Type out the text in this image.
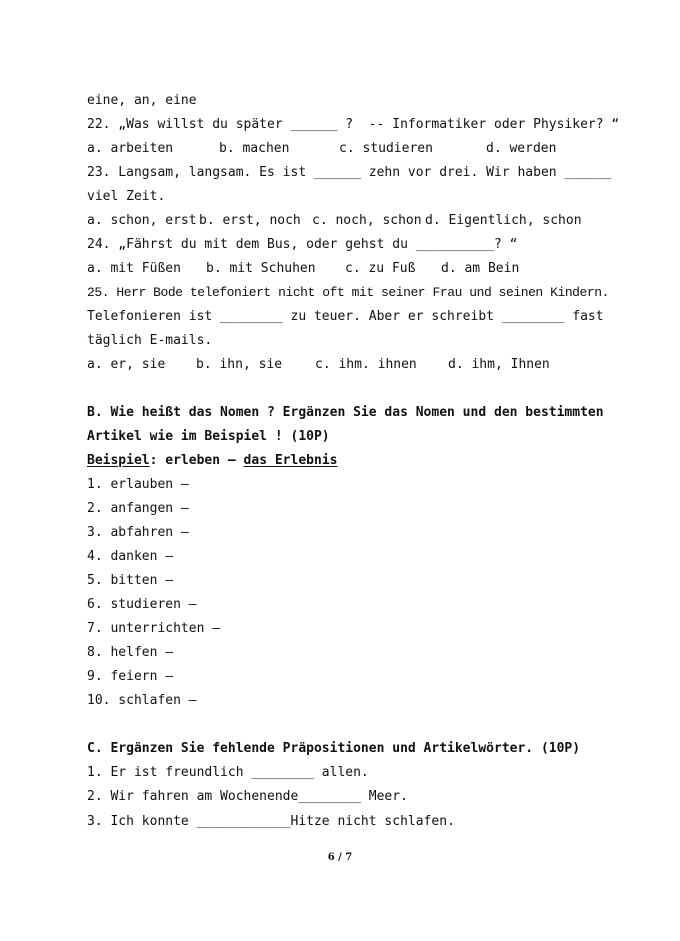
eine, an, eine
22. „Was willst du später ______ ?  -- Informatiker oder Physiker? “
a. arbeiten	b. machen	c. studieren	d. werden
23. Langsam, langsam. Es ist ______ zehn vor drei. Wir haben ______
viel Zeit.
a. schon, erst b. erst, noch c. noch, schon d. Eigentlich, schon
24. „Fährst du mit dem Bus, oder gehst du __________? “
a. mit Füßen b. mit Schuhen c. zu Fuß d. am Bein
25. Herr Bode telefoniert nicht oft mit seiner Frau und seinen Kindern.
Telefonieren ist ________ zu teuer. Aber er schreibt ________ fast
täglich E-mails.
a. er, sie b. ihn, sie	c. ihm. ihnen d. ihm, Ihnen
B. Wie heißt das Nomen ? Ergänzen Sie das Nomen und den bestimmten
Artikel wie im Beispiel ! (10P)
Beispiel: erleben — das Erlebnis
1. erlauben —
2. anfangen —
3. abfahren —
4. danken —
5. bitten —
6. studieren —
7. unterrichten —
8. helfen —
9. feiern —
10. schlafen —
C. Ergänzen Sie fehlende Präpositionen und Artikelwörter. (10P)
1. Er ist freundlich ________ allen.
2. Wir fahren am Wochenende________ Meer.
3. Ich konnte ____________Hitze nicht schlafen.
6 / 7
